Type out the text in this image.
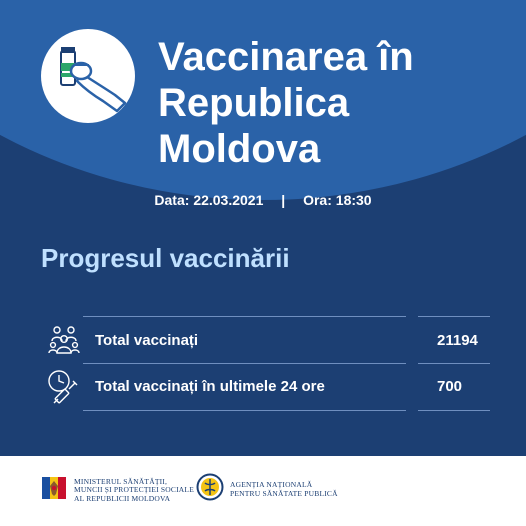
Vaccinarea în
Republica
Moldova
Data: 22.03.2021 | Ora: 18:30
Progresul vaccinării
Total vaccinați	21194
Total vaccinați în ultimele 24 ore	700
MINISTERUL SĂNĂTĂȚII,
MUNCII ȘI PROTECȚIEI SOCIALE
AL REPUBLICII MOLDOVA
AGENȚIA NAȚIONALĂ
PENTRU SĂNĂTATE PUBLICĂ
